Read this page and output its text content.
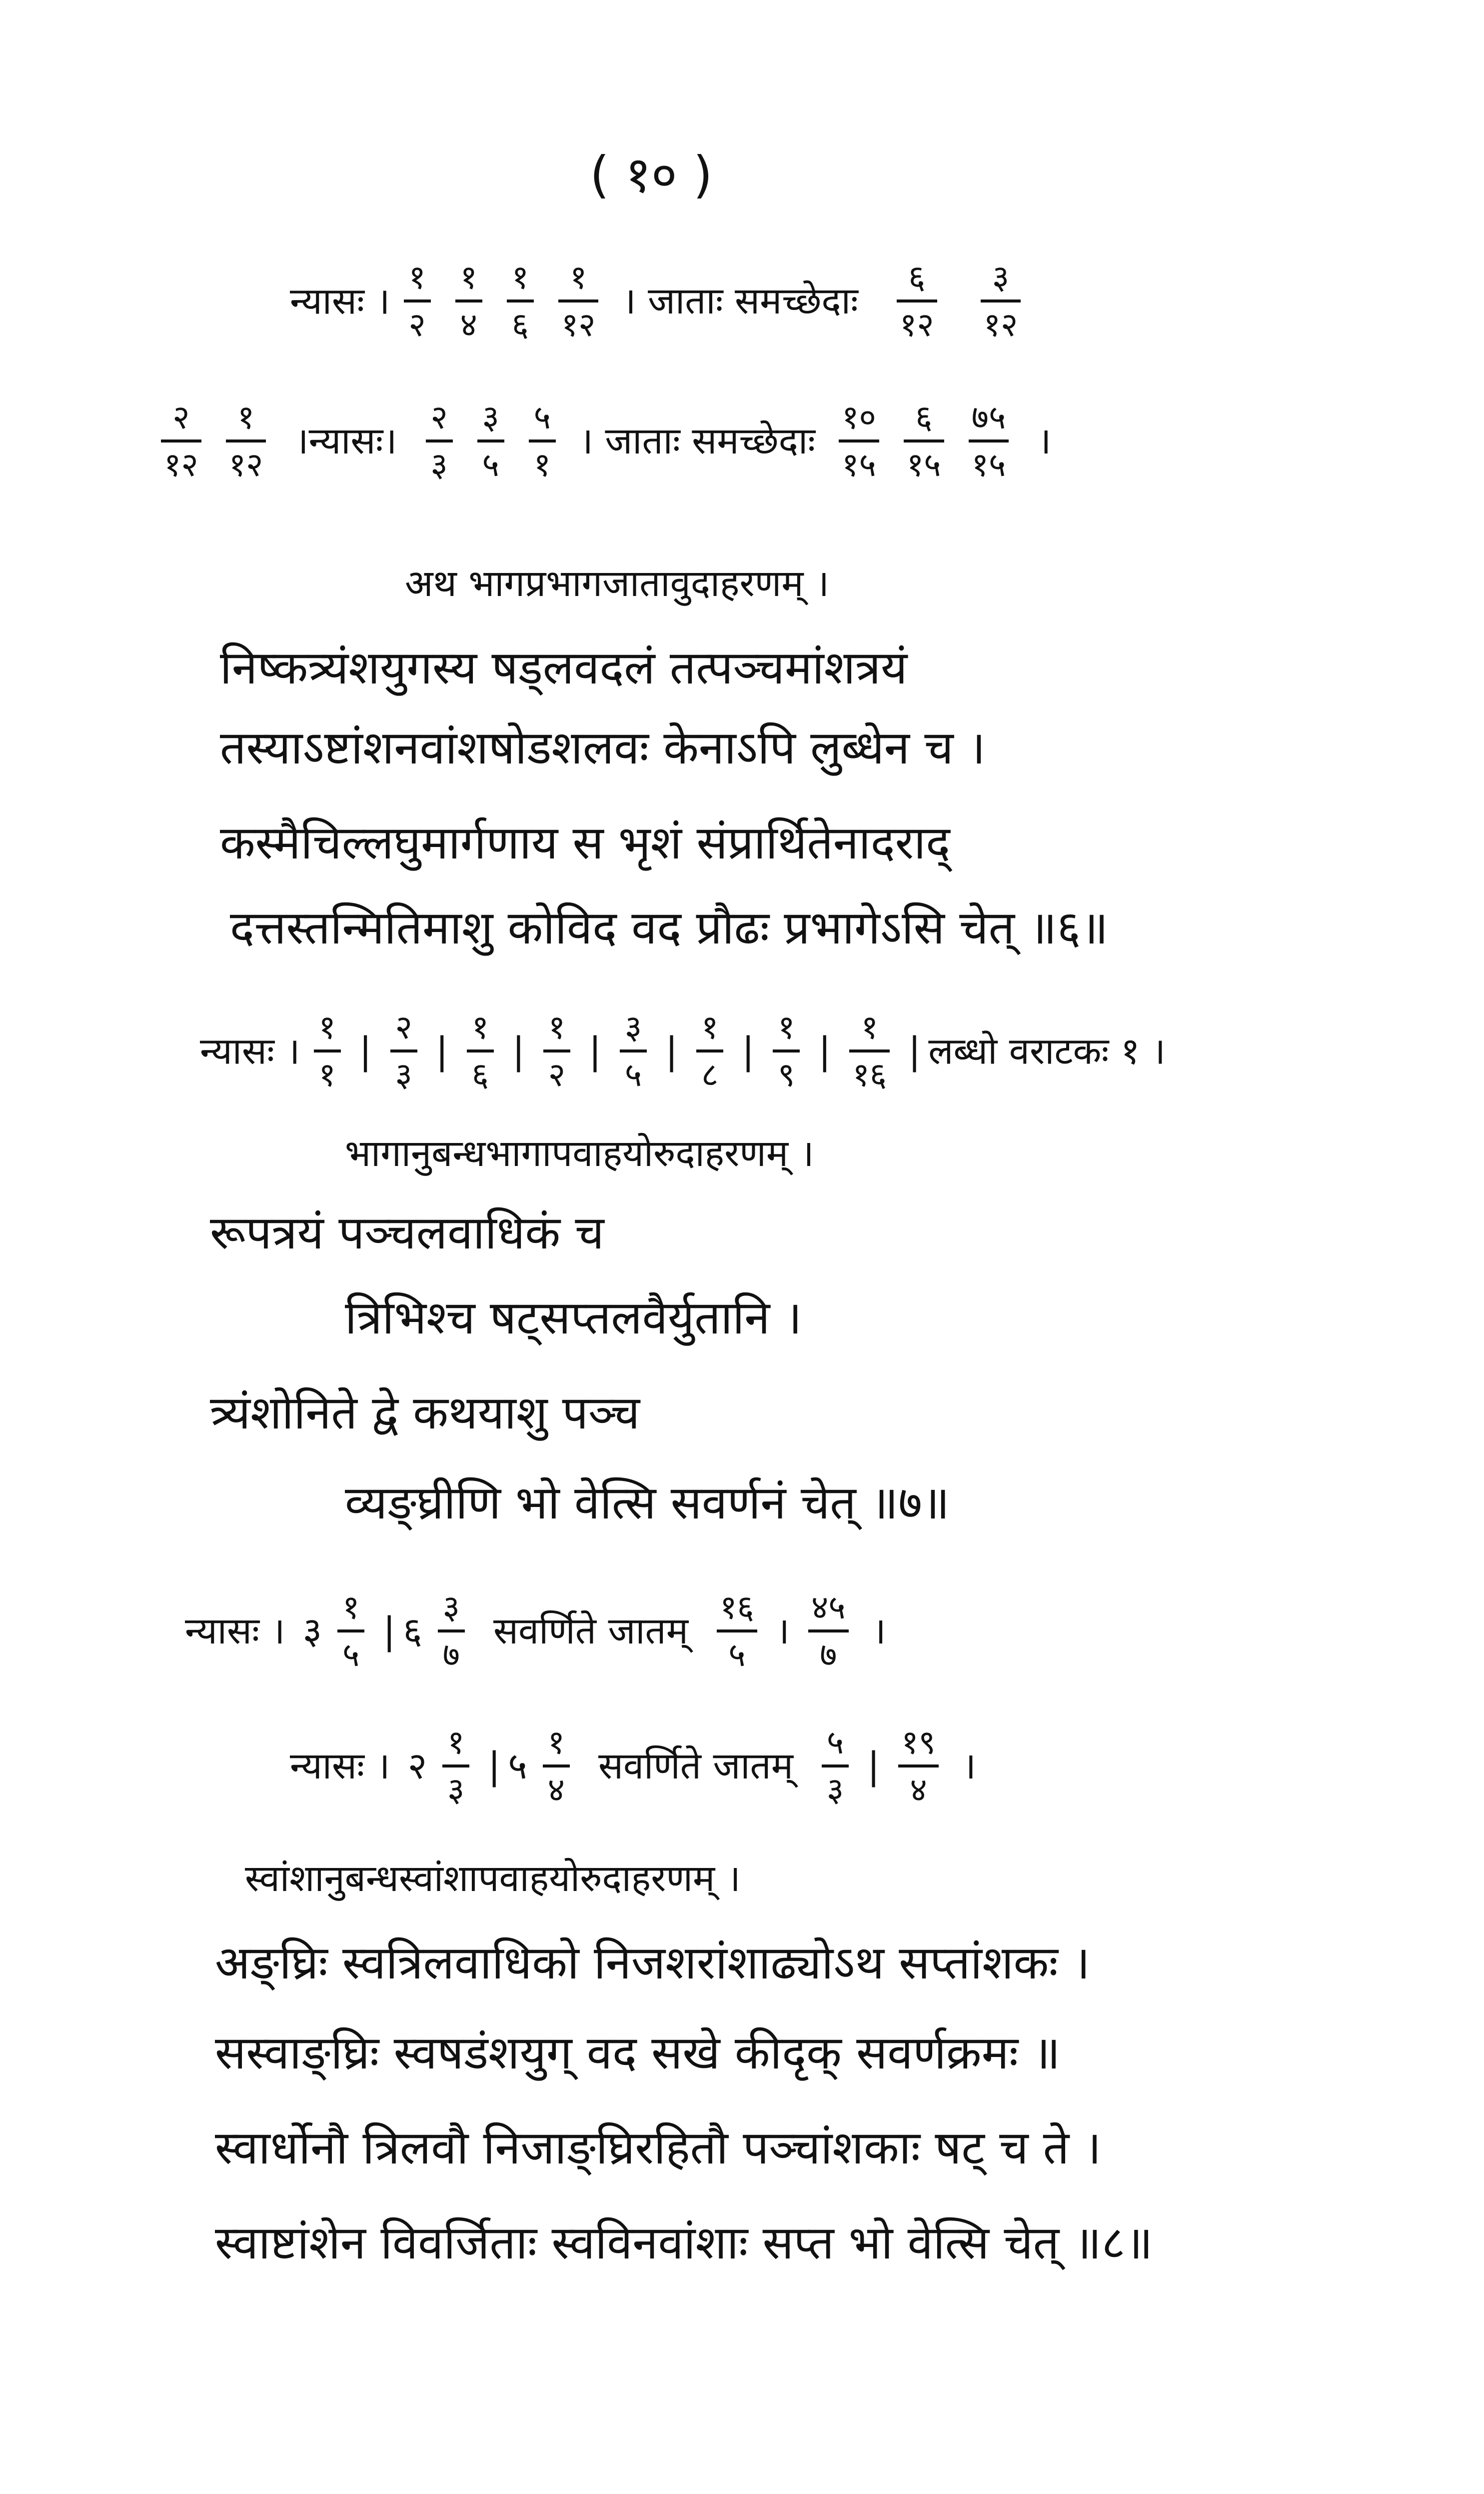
( १० )
न्यासः ।
१
२

१
४

१
६

१
१२
। जाताः समच्छेदाः
६
१२

३
१२
२
१२

१
१२
।न्यासः।
२
३

३
५

५
१
। जाताः समच्छेदाः
१०
१५

६
१५

७५
१५
।
अथ भागप्रभागजातावुदाहरणम् ।
निष्कत्र्यंशयुगस्य षड्लवदलं तत्पञ्चमांशत्रयं
तस्याऽष्टांशनवांशषोडशलवः केनाऽपि लुब्धेन च ।
कस्मैचिल्लघुमार्गणाय स भृशं संप्रार्थितेनादराद्
दत्तस्तन्मितिमाशु कोविद वद प्रौढः प्रभागेऽसि चेत् ॥६॥
न्यासः ।
१
१
|
२
३
|
१
६
|
१
२
|
३
५
|
१
८
|
१
९
|
१
१६
| लब्धो वराटकः १ ।
भागानुबन्धभागापवाहयोरुदाहरणम् ।
रूपत्रयं पञ्चलवाधिकं च
त्रिभिश्च षट्सप्तलवैर्युतानि ।
त्र्यंशोनिते द्वे कथयाशु पञ्च
व्यङ्घ्रीणि भो वेत्सि सवर्णनं चेत् ॥७॥
न्यासः । ३
१
५
| ६
३
७
सवर्णिते जातम्
१६
५
।
४५
७
।
न्यासः । २
१
३
| ५
१
४
सवर्णिते जातम्
५
३
|
१९
४
।
स्वांशानुबन्धस्वांशापवाहयोरुदाहरणम् ।
अङ्घ्रिः स्वत्रिलवाधिको निजशरांशाढ्योऽथ सप्तांशकः ।
सस्वाङ्घ्रिः स्वषडंशयुग् वद सखे कीदृक् सवर्णक्रमः ॥
स्वार्धोनौ त्रिलवौ निजाङ्घ्रिरहितौ पञ्चांशकाः षट् च ते ।
स्वाष्टांशेन विवर्जिताः स्वविनवांशाः सप्त भो वेत्सि चेत् ॥८॥
